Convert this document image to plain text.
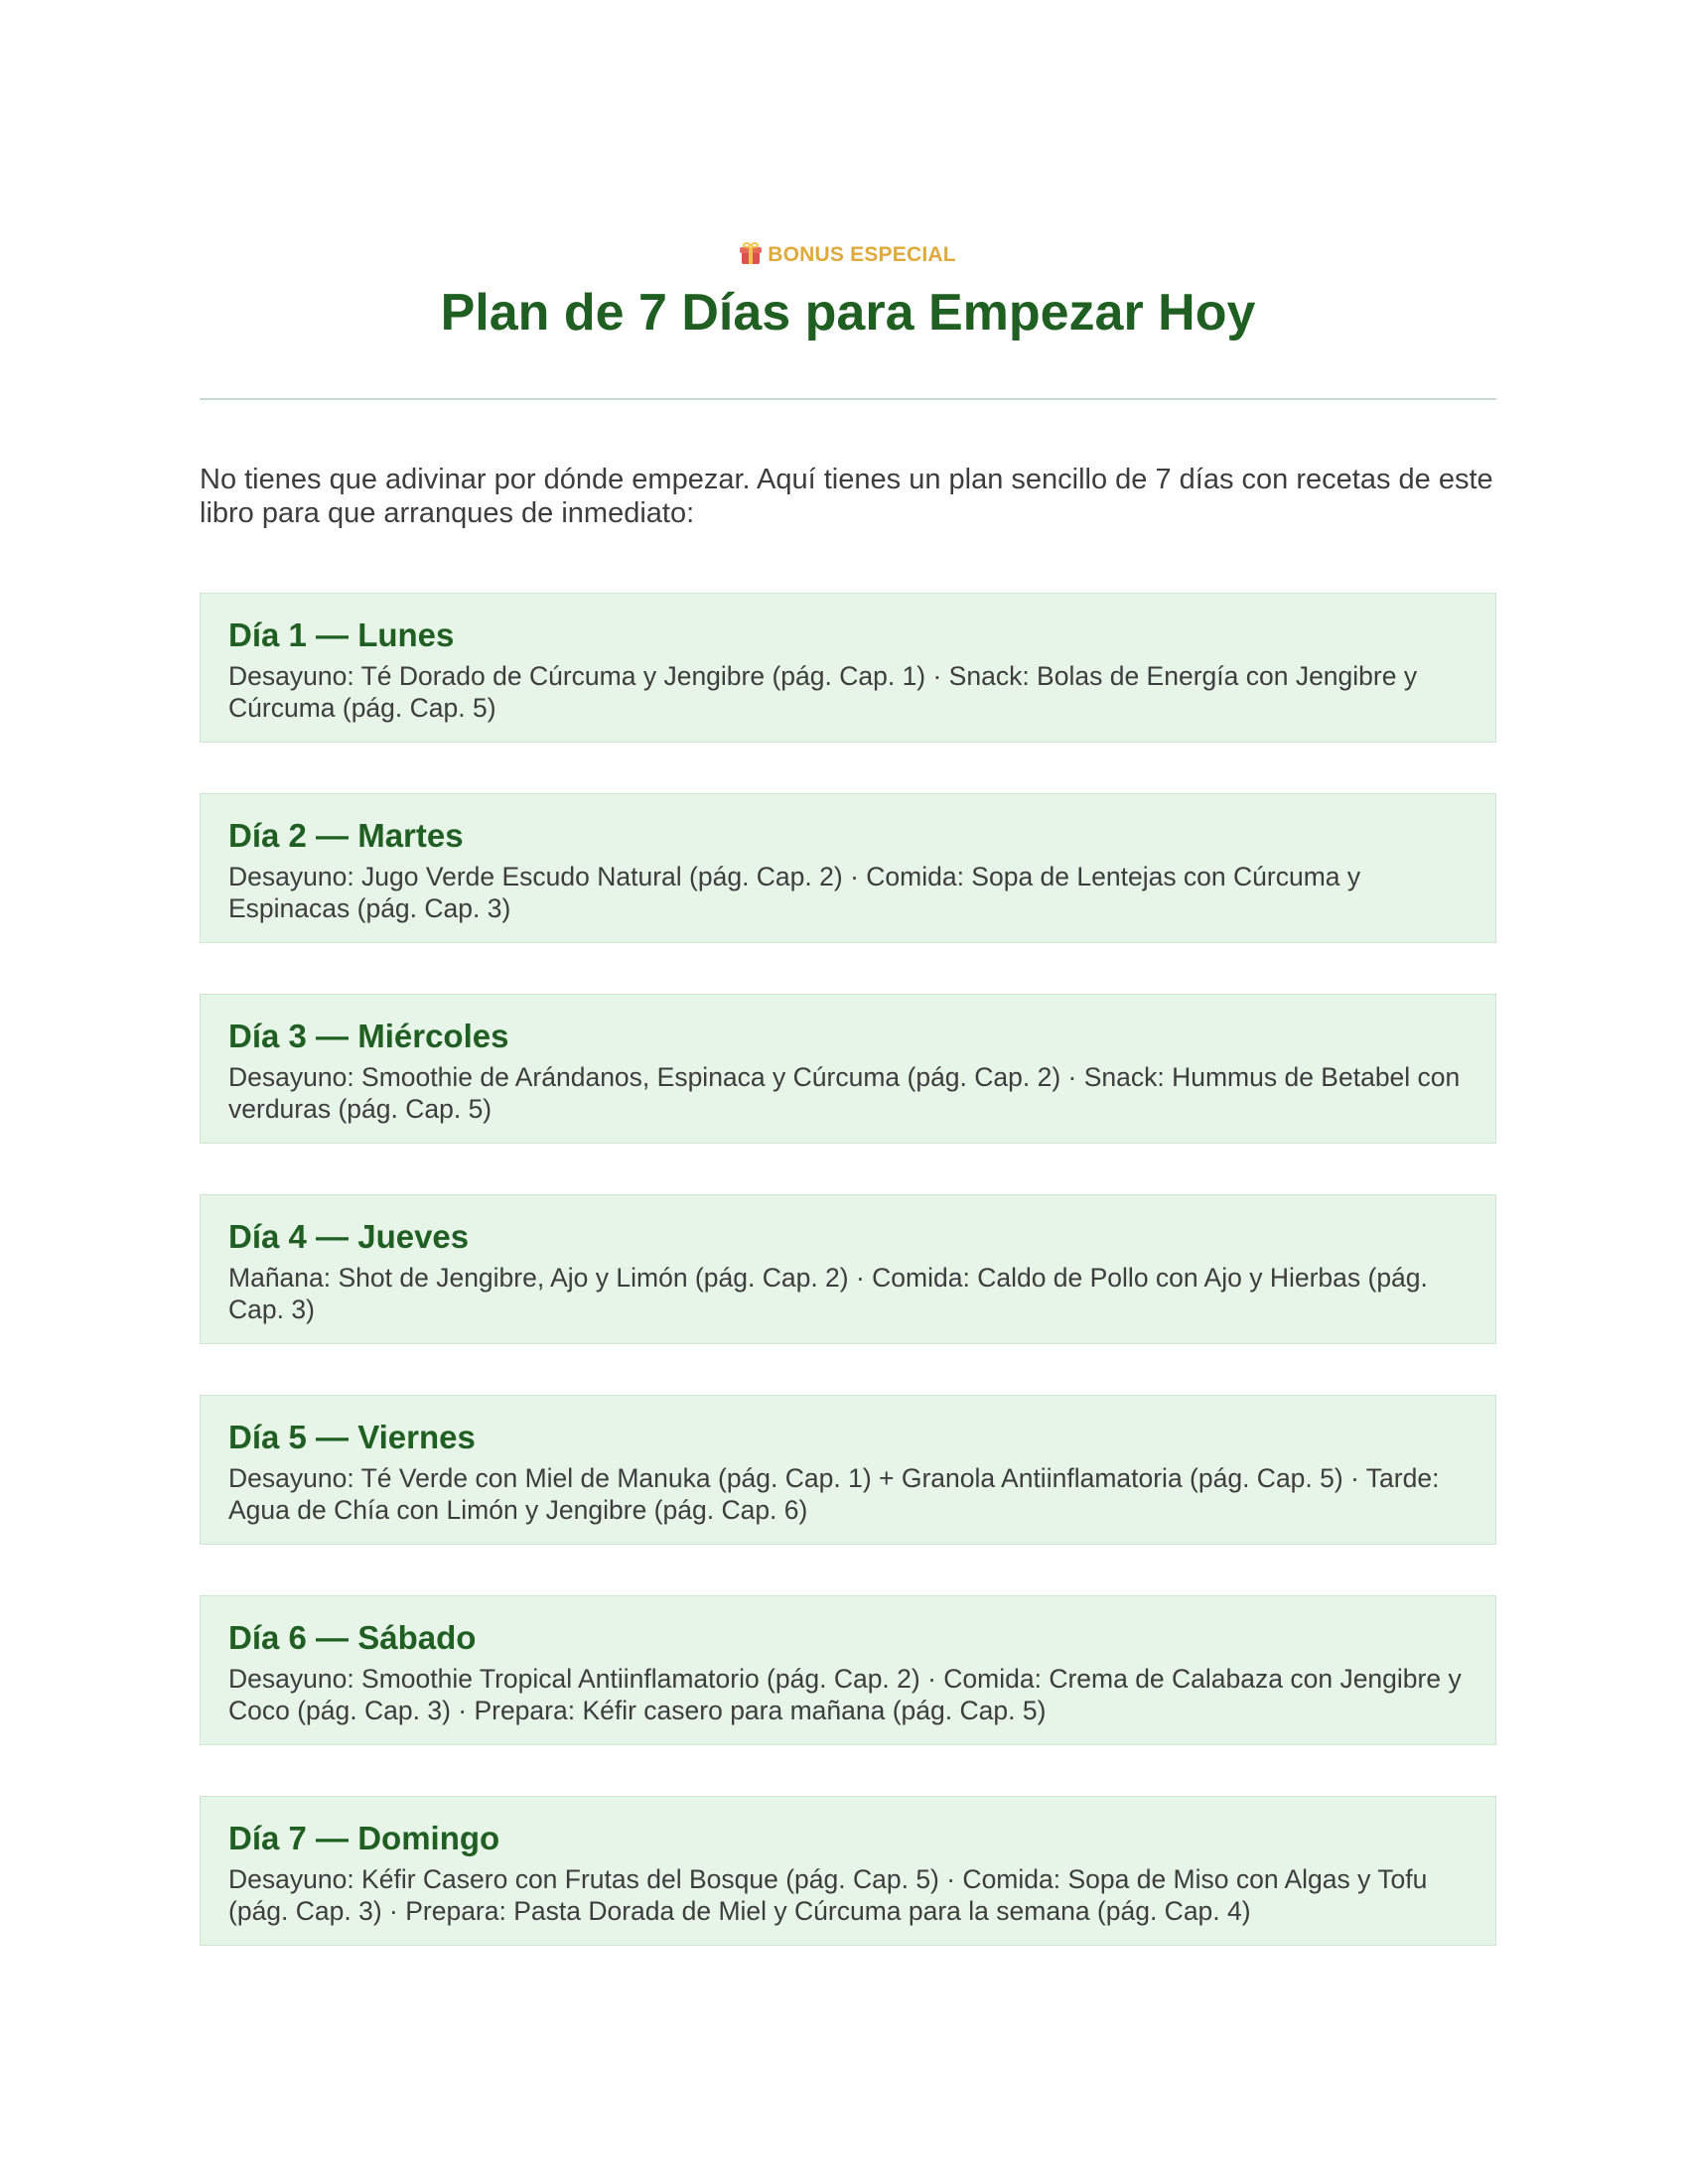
BONUS ESPECIAL
Plan de 7 Días para Empezar Hoy

No tienes que adivinar por dónde empezar. Aquí tienes un plan sencillo de 7 días con recetas de este libro para que arranques de inmediato:

Día 1 — Lunes

Desayuno: Té Dorado de Cúrcuma y Jengibre (pág. Cap. 1) · Snack: Bolas de Energía con Jengibre y Cúrcuma (pág. Cap. 5)

Día 2 — Martes

Desayuno: Jugo Verde Escudo Natural (pág. Cap. 2) · Comida: Sopa de Lentejas con Cúrcuma y Espinacas (pág. Cap. 3)

Día 3 — Miércoles

Desayuno: Smoothie de Arándanos, Espinaca y Cúrcuma (pág. Cap. 2) · Snack: Hummus de Betabel con verduras (pág. Cap. 5)

Día 4 — Jueves

Mañana: Shot de Jengibre, Ajo y Limón (pág. Cap. 2) · Comida: Caldo de Pollo con Ajo y Hierbas (pág. Cap. 3)

Día 5 — Viernes

Desayuno: Té Verde con Miel de Manuka (pág. Cap. 1) + Granola Antiinflamatoria (pág. Cap. 5) · Tarde: Agua de Chía con Limón y Jengibre (pág. Cap. 6)

Día 6 — Sábado

Desayuno: Smoothie Tropical Antiinflamatorio (pág. Cap. 2) · Comida: Crema de Calabaza con Jengibre y Coco (pág. Cap. 3) · Prepara: Kéfir casero para mañana (pág. Cap. 5)

Día 7 — Domingo

Desayuno: Kéfir Casero con Frutas del Bosque (pág. Cap. 5) · Comida: Sopa de Miso con Algas y Tofu (pág. Cap. 3) · Prepara: Pasta Dorada de Miel y Cúrcuma para la semana (pág. Cap. 4)
